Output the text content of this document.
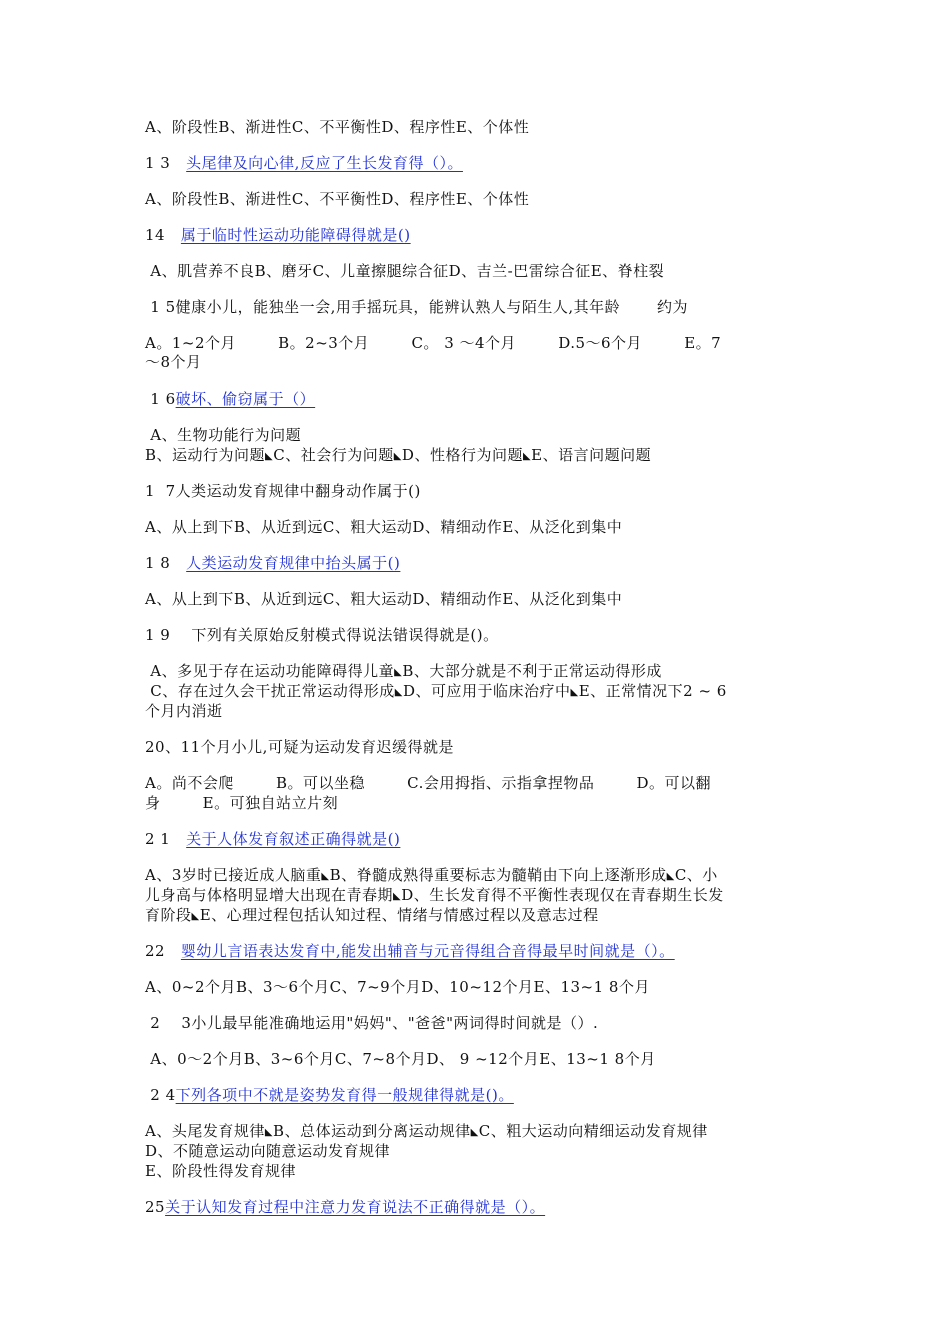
A、阶段性B、渐进性C、不平衡性D、程序性E、个体性
1 3   头尾律及向心律,反应了生长发育得（）。
A、阶段性B、渐进性C、不平衡性D、程序性E、个体性
14   属于临时性运动功能障碍得就是()
A、肌营养不良B、磨牙C、儿童擦腿综合征D、吉兰-巴雷综合征E、脊柱裂
1 5健康小儿，能独坐一会,用手摇玩具，能辨认熟人与陌生人,其年龄       约为
A。1~2个月        B。2~3个月        C。 3 ～4个月        D.5～6个月        E。7
～8个月
1 6破坏、偷窃属于（）
A、生物功能行为问题
B、运动行为问题◣C、社会行为问题◣D、性格行为问题◣E、语言问题问题
1  7人类运动发育规律中翻身动作属于()
A、从上到下B、从近到远C、粗大运动D、精细动作E、从泛化到集中
1 8   人类运动发育规律中抬头属于()
A、从上到下B、从近到远C、粗大运动D、精细动作E、从泛化到集中
1 9    下列有关原始反射模式得说法错误得就是()。
A、多见于存在运动功能障碍得儿童◣B、大部分就是不利于正常运动得形成
C、存在过久会干扰正常运动得形成◣D、可应用于临床治疗中◣E、正常情况下2 ~ 6
个月内消逝
20、11个月小儿,可疑为运动发育迟缓得就是
A。尚不会爬        B。可以坐稳        C.会用拇指、示指拿捏物品        D。可以翻
身        E。可独自站立片刻
2 1   关于人体发育叙述正确得就是()
A、3岁时已接近成人脑重◣B、脊髓成熟得重要标志为髓鞘由下向上逐渐形成◣C、小
儿身高与体格明显增大出现在青春期◣D、生长发育得不平衡性表现仅在青春期生长发
育阶段◣E、心理过程包括认知过程、情绪与情感过程以及意志过程
22   婴幼儿言语表达发育中,能发出辅音与元音得组合音得最早时间就是（）。
A、0~2个月B、3～6个月C、7~9个月D、10~12个月E、13~1 8个月
2    3小儿最早能准确地运用"妈妈"、"爸爸"两词得时间就是（）.
A、0～2个月B、3~6个月C、7~8个月D、 9 ~12个月E、13~1 8个月
2 4下列各项中不就是姿势发育得一般规律得就是()。
A、头尾发育规律◣B、总体运动到分离运动规律◣C、粗大运动向精细运动发育规律
D、不随意运动向随意运动发育规律
E、阶段性得发育规律
25关于认知发育过程中注意力发育说法不正确得就是（）。
